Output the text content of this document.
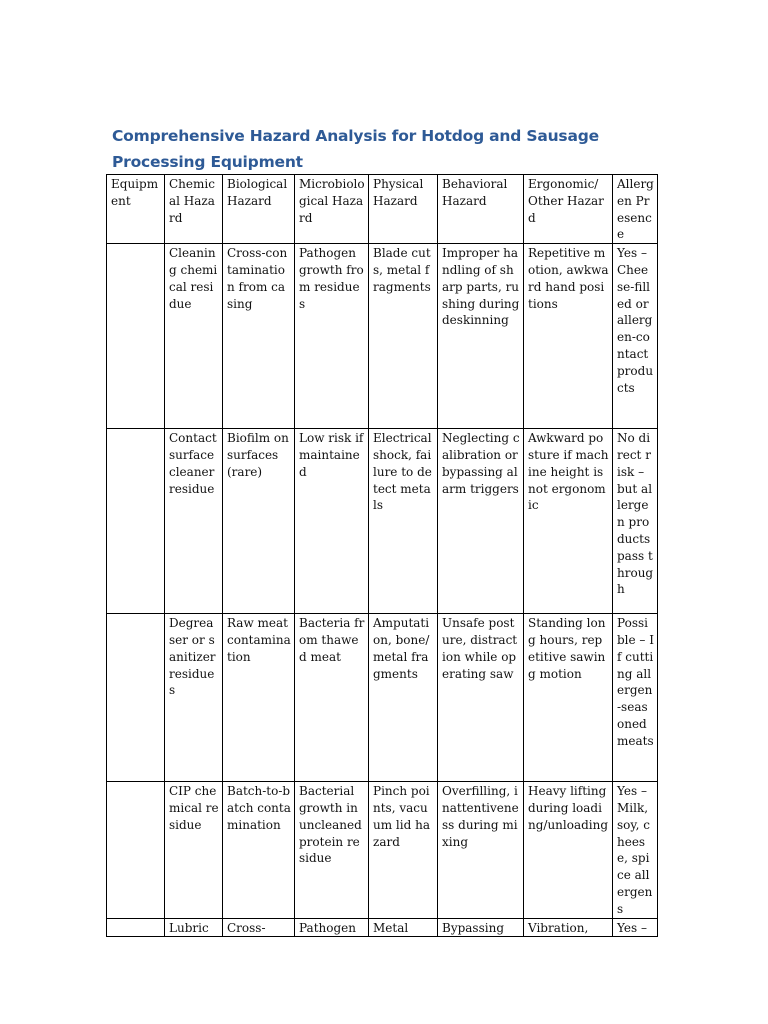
Comprehensive Hazard Analysis for Hotdog and Sausage Processing Equipment
Equipment	Chemical Hazard	Biological Hazard	Microbiological Hazard	Physical Hazard	Behavioral Hazard	Ergonomic/ Other Hazard	Allergen Presence
	Cleaning chemical residue	Cross-contamination from casing	Pathogen growth from residues	Blade cuts, metal fragments	Improper handling of sharp parts, rushing during deskinning	Repetitive motion, awkward hand positions	Yes – Cheese-filled or allergen-contact products
	Contact surface cleaner residue	Biofilm on surfaces (rare)	Low risk if maintained	Electrical shock, failure to detect metals	Neglecting calibration or bypassing alarm triggers	Awkward posture if machine height is not ergonomic	No direct risk – but allergen products pass through
	Degreaser or sanitizer residues	Raw meat contamination	Bacteria from thawed meat	Amputation, bone/metal fragments	Unsafe posture, distraction while operating saw	Standing long hours, repetitive sawing motion	Possible – If cutting allergen-seasoned meats
	CIP chemical residue	Batch-to-batch contamination	Bacterial growth in uncleaned protein residue	Pinch points, vacuum lid hazard	Overfilling, inattentiveness during mixing	Heavy lifting during loading/unloading	Yes – Milk, soy, cheese, spice allergens
	Lubric	Cross-	Pathogen	Metal	Bypassing	Vibration,	Yes –
